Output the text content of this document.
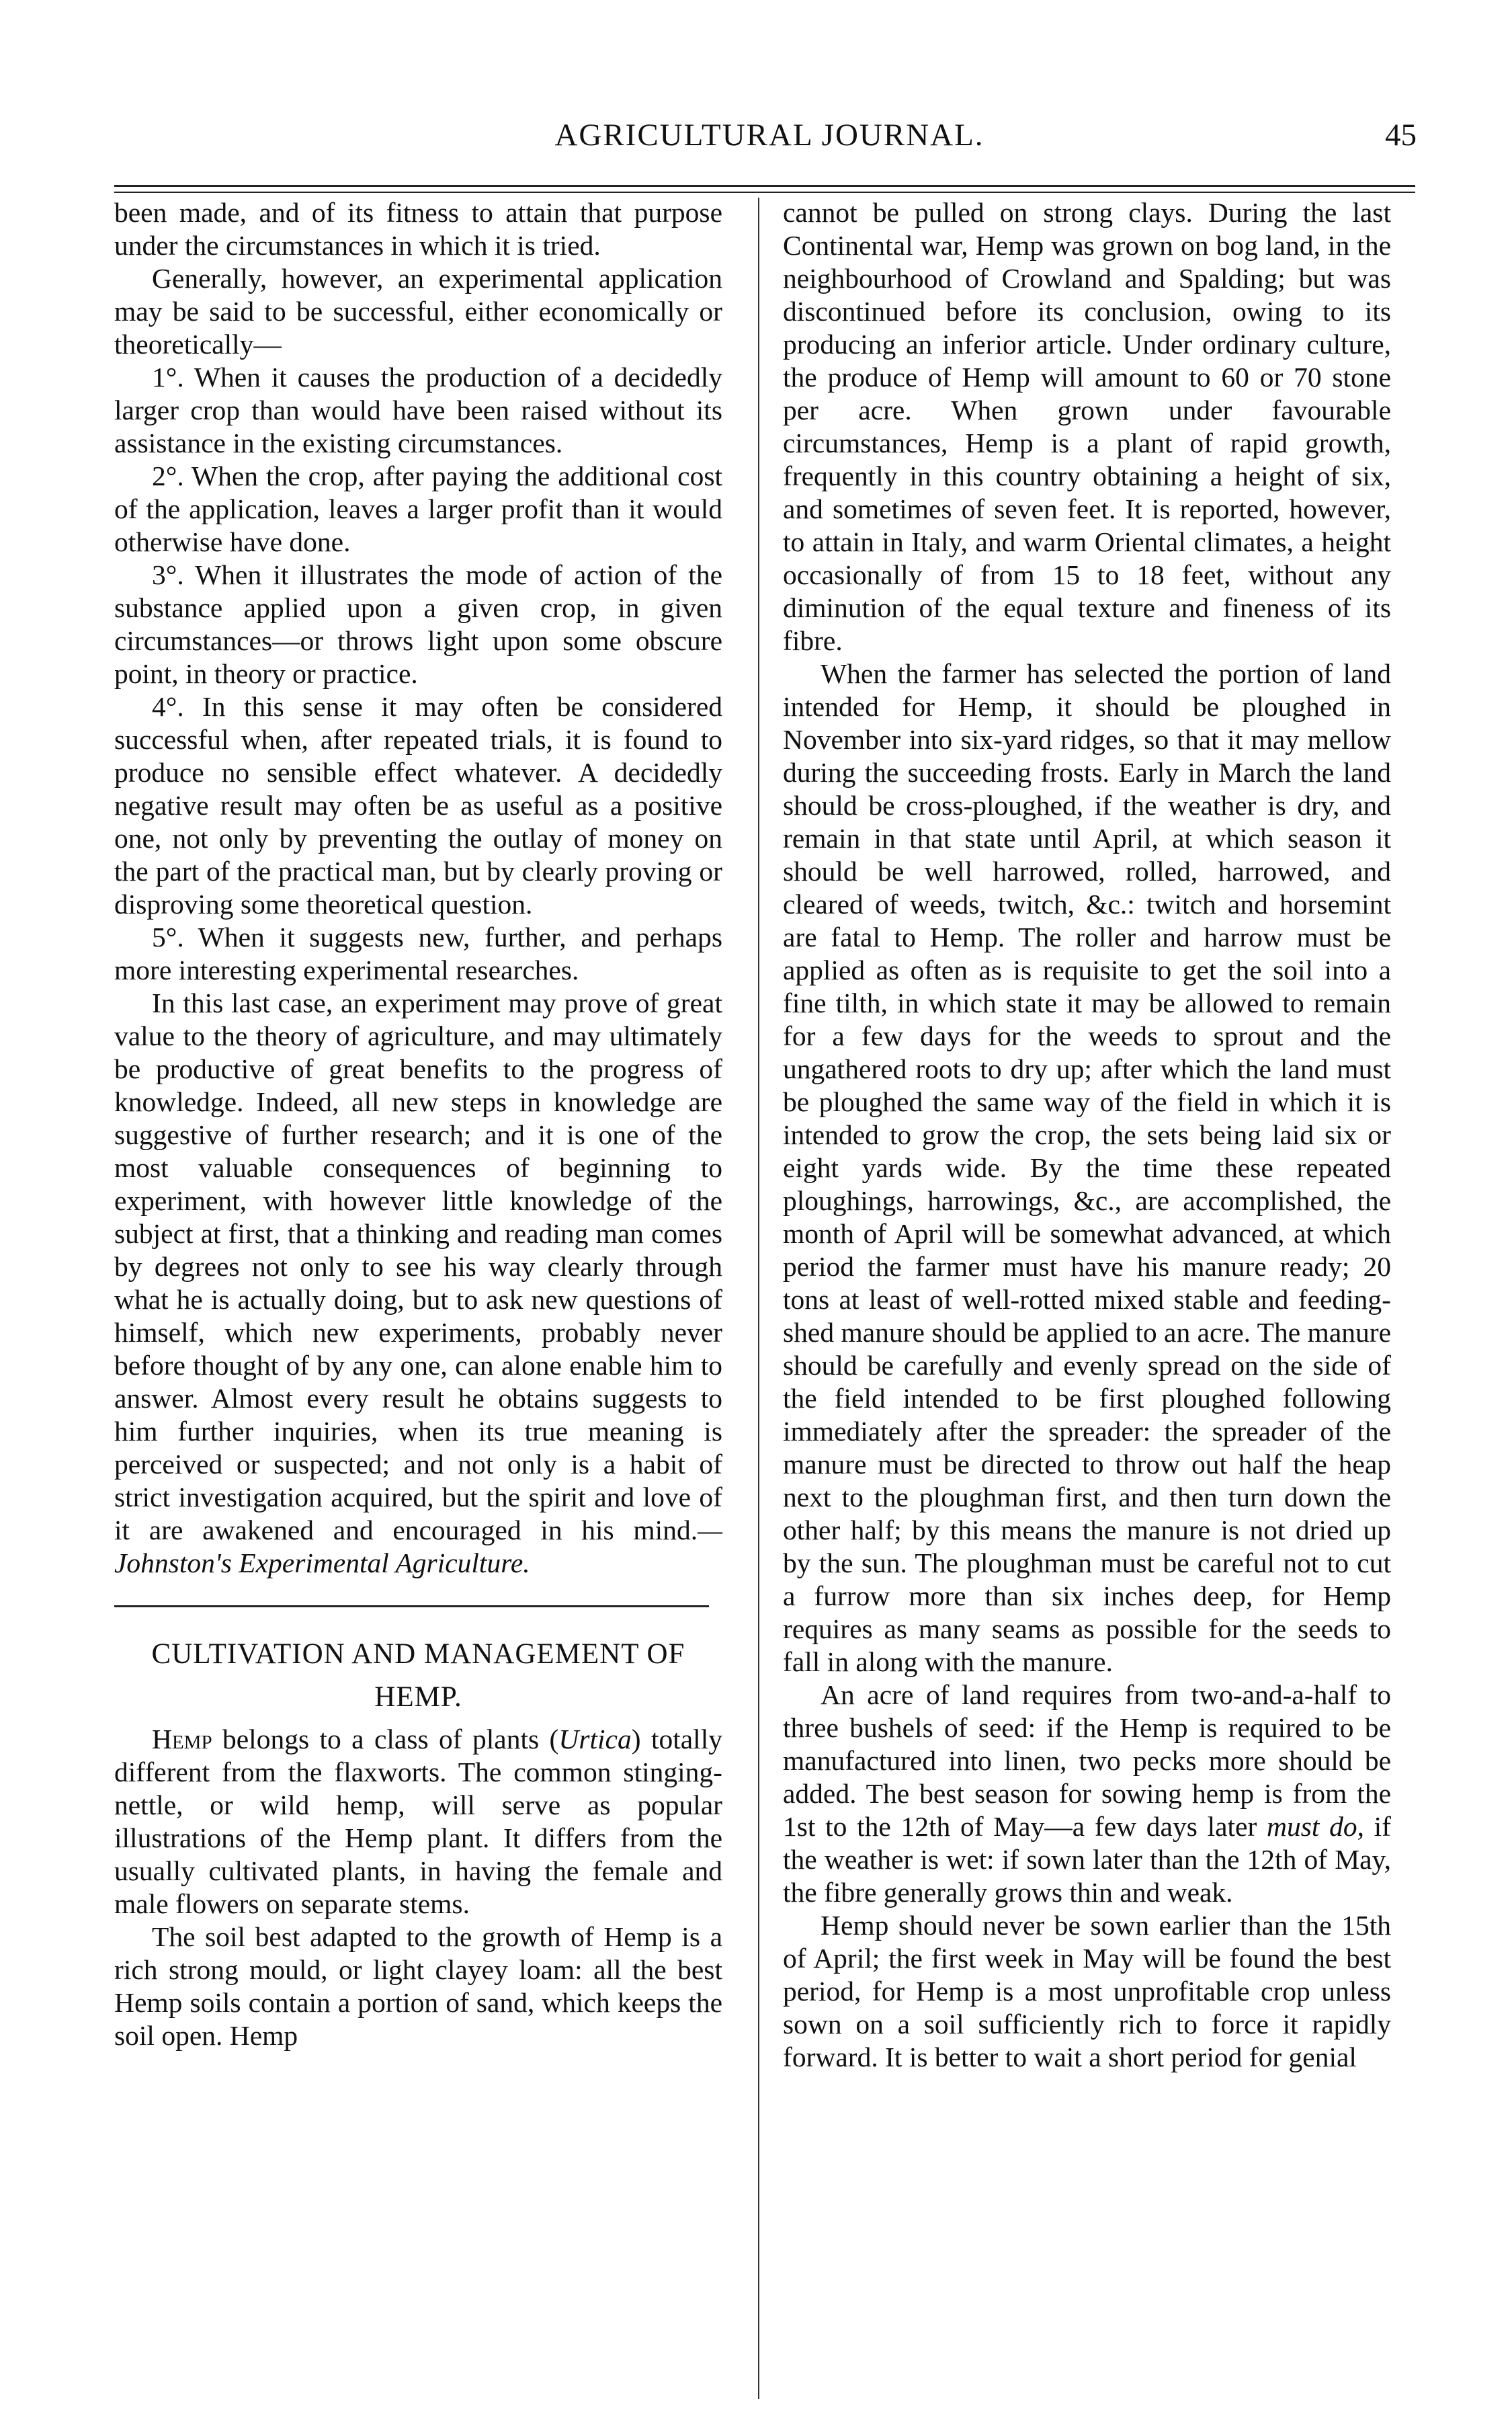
AGRICULTURAL JOURNAL.	45

been made, and of its fitness to attain that purpose under the circumstances in which it is tried.

Generally, however, an experimental application may be said to be successful, either economically or theoretically—

1°. When it causes the production of a decidedly larger crop than would have been raised without its assistance in the existing circumstances.

2°. When the crop, after paying the additional cost of the application, leaves a larger profit than it would otherwise have done.

3°. When it illustrates the mode of action of the substance applied upon a given crop, in given circumstances—or throws light upon some obscure point, in theory or practice.

4°. In this sense it may often be considered successful when, after repeated trials, it is found to produce no sensible effect whatever. A decidedly negative result may often be as useful as a positive one, not only by preventing the outlay of money on the part of the practical man, but by clearly proving or disproving some theoretical question.

5°. When it suggests new, further, and perhaps more interesting experimental researches.

In this last case, an experiment may prove of great value to the theory of agriculture, and may ultimately be productive of great benefits to the progress of knowledge. Indeed, all new steps in knowledge are suggestive of further research; and it is one of the most valuable consequences of beginning to experiment, with however little knowledge of the subject at first, that a thinking and reading man comes by degrees not only to see his way clearly through what he is actually doing, but to ask new questions of himself, which new experiments, probably never before thought of by any one, can alone enable him to answer. Almost every result he obtains suggests to him further inquiries, when its true meaning is perceived or suspected; and not only is a habit of strict investigation acquired, but the spirit and love of it are awakened and encouraged in his mind.—Johnston's Experimental Agriculture.

CULTIVATION AND MANAGEMENT OF HEMP.

Hemp belongs to a class of plants (Urtica) totally different from the flaxworts. The common stinging-nettle, or wild hemp, will serve as popular illustrations of the Hemp plant. It differs from the usually cultivated plants, in having the female and male flowers on separate stems.

The soil best adapted to the growth of Hemp is a rich strong mould, or light clayey loam: all the best Hemp soils contain a portion of sand, which keeps the soil open. Hemp

cannot be pulled on strong clays. During the last Continental war, Hemp was grown on bog land, in the neighbourhood of Crowland and Spalding; but was discontinued before its conclusion, owing to its producing an inferior article. Under ordinary culture, the produce of Hemp will amount to 60 or 70 stone per acre. When grown under favourable circumstances, Hemp is a plant of rapid growth, frequently in this country obtaining a height of six, and sometimes of seven feet. It is reported, however, to attain in Italy, and warm Oriental climates, a height occasionally of from 15 to 18 feet, without any diminution of the equal texture and fineness of its fibre.

When the farmer has selected the portion of land intended for Hemp, it should be ploughed in November into six-yard ridges, so that it may mellow during the succeeding frosts. Early in March the land should be cross-ploughed, if the weather is dry, and remain in that state until April, at which season it should be well harrowed, rolled, harrowed, and cleared of weeds, twitch, &c.: twitch and horsemint are fatal to Hemp. The roller and harrow must be applied as often as is requisite to get the soil into a fine tilth, in which state it may be allowed to remain for a few days for the weeds to sprout and the ungathered roots to dry up; after which the land must be ploughed the same way of the field in which it is intended to grow the crop, the sets being laid six or eight yards wide. By the time these repeated ploughings, harrowings, &c., are accomplished, the month of April will be somewhat advanced, at which period the farmer must have his manure ready; 20 tons at least of well-rotted mixed stable and feeding-shed manure should be applied to an acre. The manure should be carefully and evenly spread on the side of the field intended to be first ploughed following immediately after the spreader: the spreader of the manure must be directed to throw out half the heap next to the ploughman first, and then turn down the other half; by this means the manure is not dried up by the sun. The ploughman must be careful not to cut a furrow more than six inches deep, for Hemp requires as many seams as possible for the seeds to fall in along with the manure.

An acre of land requires from two-and-a-half to three bushels of seed: if the Hemp is required to be manufactured into linen, two pecks more should be added. The best season for sowing hemp is from the 1st to the 12th of May—a few days later must do, if the weather is wet: if sown later than the 12th of May, the fibre generally grows thin and weak.

Hemp should never be sown earlier than the 15th of April; the first week in May will be found the best period, for Hemp is a most unprofitable crop unless sown on a soil sufficiently rich to force it rapidly forward. It is better to wait a short period for genial
